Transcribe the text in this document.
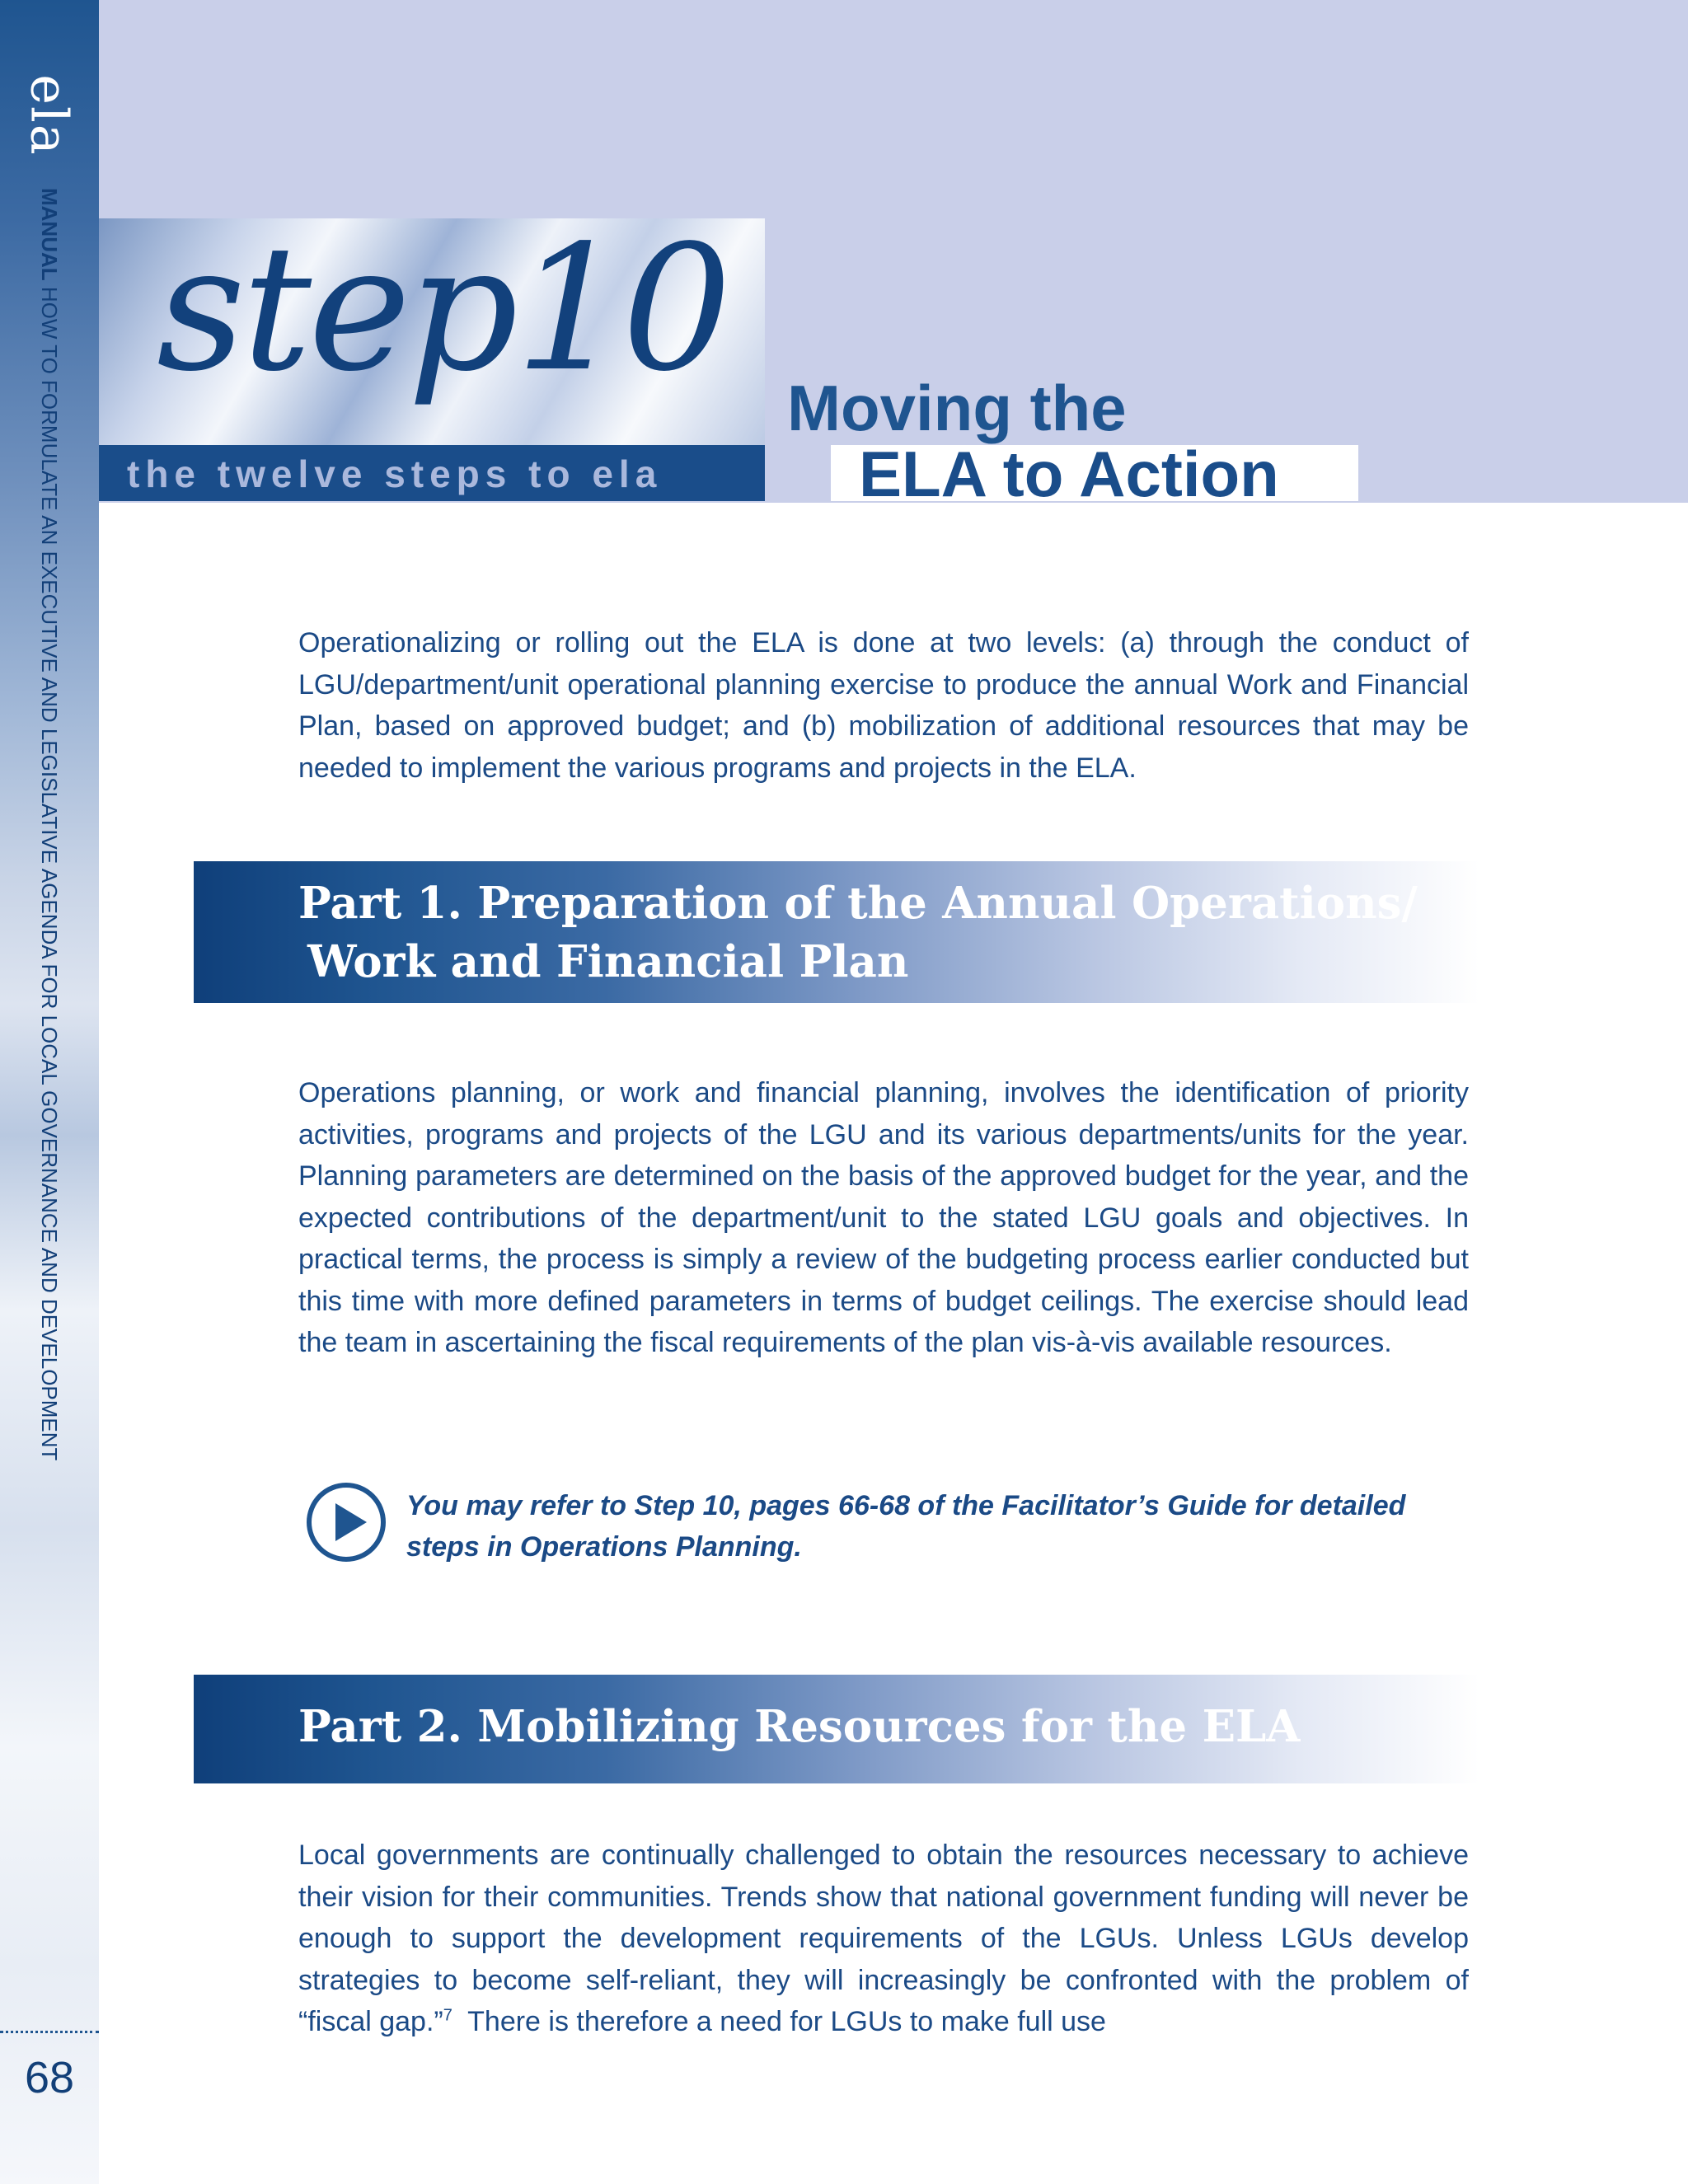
ela
MANUAL HOW TO FORMULATE AN EXECUTIVE AND LEGISLATIVE AGENDA FOR LOCAL GOVERNANCE AND DEVELOPMENT
68
step10
the twelve steps to ela
Moving the
ELA to Action

Operationalizing or rolling out the ELA is done at two levels: (a) through the conduct of LGU/department/unit operational planning exercise to produce the annual Work and Financial Plan, based on approved budget; and (b) mobilization of additional resources that may be needed to implement the various programs and projects in the ELA.

Part 1. Preparation of the Annual Operations/
Work and Financial Plan

Operations planning, or work and financial planning, involves the identification of priority activities, programs and projects of the LGU and its various departments/units for the year. Planning parameters are determined on the basis of the approved budget for the year, and the expected contributions of the department/unit to the stated LGU goals and objectives. In practical terms, the process is simply a review of the budgeting process earlier conducted but this time with more defined parameters in terms of budget ceilings. The exercise should lead the team in ascertaining the fiscal requirements of the plan vis-à-vis available resources.

You may refer to Step 10, pages 66-68 of the Facilitator’s Guide for detailed steps in Operations Planning.

Part 2. Mobilizing Resources for the ELA

Local governments are continually challenged to obtain the resources necessary to achieve their vision for their communities. Trends show that national government funding will never be enough to support the development requirements of the LGUs. Unless LGUs develop strategies to become self-reliant, they will increasingly be confronted with the problem of “fiscal gap.”$^7$  There is therefore a need for LGUs to make full use
